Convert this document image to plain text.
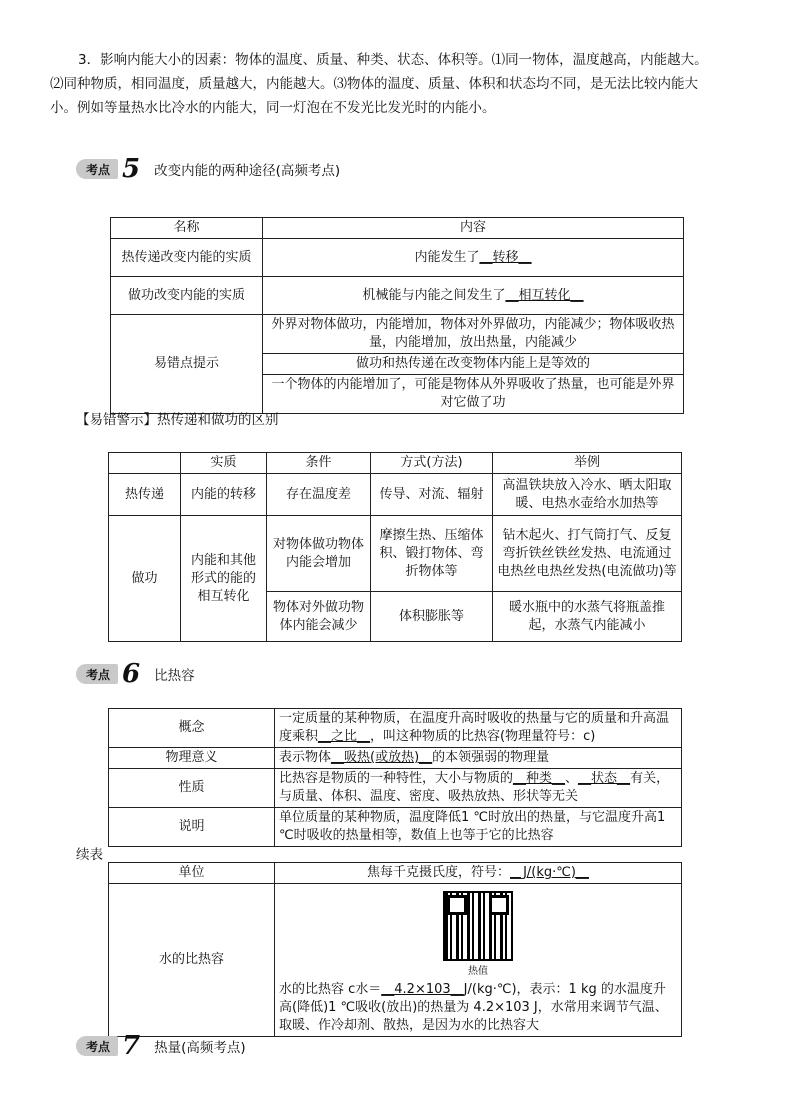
3．影响内能大小的因素：物体的温度、质量、种类、状态、体积等。⑴同一物体，温度越高，内能越大。

⑵同种物质，相同温度，质量越大，内能越大。⑶物体的温度、质量、体积和状态均不同，是无法比较内能大

小。例如等量热水比冷水的内能大，同一灯泡在不发光比发光时的内能小。

考点 5 改变内能的两种途径(高频考点)
名称	内容
热传递改变内能的实质	内能发生了__转移__
做功改变内能的实质	机械能与内能之间发生了__相互转化__
易错点提示	外界对物体做功，内能增加，物体对外界做功，内能减少；物体吸收热量，内能增加，放出热量，内能减少
	做功和热传递在改变物体内能上是等效的
	一个物体的内能增加了，可能是物体从外界吸收了热量，也可能是外界对它做了功
【易错警示】热传递和做功的区别
	实质	条件	方式(方法)	举例
热传递	内能的转移	存在温度差	传导、对流、辐射	高温铁块放入冷水、晒太阳取暖、电热水壶给水加热等
做功	内能和其他形式的能的相互转化	对物体做功物体内能会增加	摩擦生热、压缩体积、锻打物体、弯折物体等	钻木起火、打气筒打气、反复弯折铁丝铁丝发热、电流通过电热丝电热丝发热(电流做功)等
		物体对外做功物体内能会减少	体积膨胀等	暖水瓶中的水蒸气将瓶盖推起，水蒸气内能减小
考点 6 比热容
概念	一定质量的某种物质，在温度升高时吸收的热量与它的质量和升高温度乘积__之比__，叫这种物质的比热容(物理量符号：c)
物理意义	表示物体__吸热(或放热)__的本领强弱的物理量
性质	比热容是物质的一种特性，大小与物质的__种类__、__状态__有关，与质量、体积、温度、密度、吸热放热、形状等无关
说明	单位质量的某种物质，温度降低1 ℃时放出的热量，与它温度升高1 ℃时吸收的热量相等，数值上也等于它的比热容
续表
单位	焦每千克摄氏度，符号：__J/(kg·℃)__
水的比热容	热值
水的比热容 c水＝__4.2×103__J/(kg·℃)，表示：1 kg 的水温度升高(降低)1 ℃吸收(放出)的热量为 4.2×103 J，水常用来调节气温、取暖、作冷却剂、散热，是因为水的比热容大
考点 7 热量(高频考点)
